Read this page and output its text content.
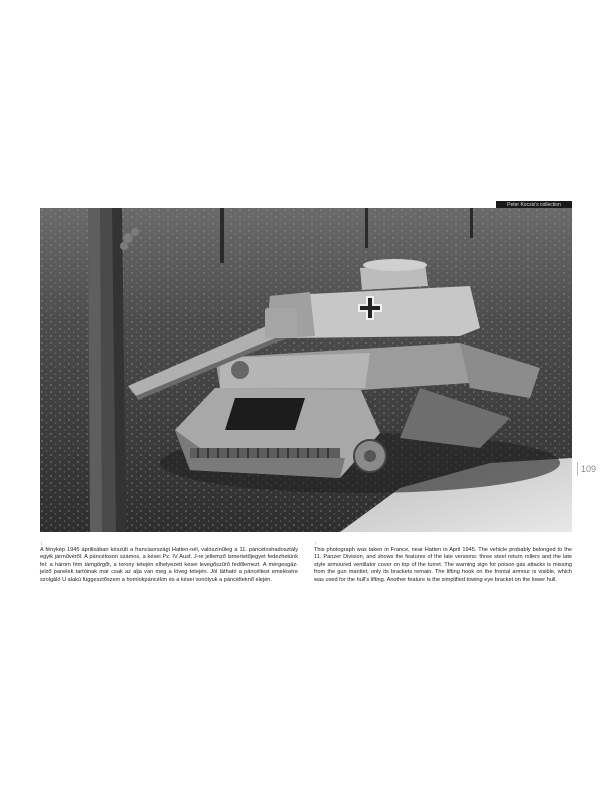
Peter Kocsis's collection
109
↑	↑
A fénykép 1945 áprilisában készült a franciaországi Hatten-nél, valószínűleg a 11. páncéloshadosztály egyik járművéről. A páncéloson számos, a kései Pz. IV Ausf. J-re jellemző ismertetőjegyet fedezhetünk fel: a három fém támgörgőt, a torony tetején elhelyezett kései levegőszűrő fedőlemezt. A mérgesgáz-jelző panelek tartóinak már csak az alja van meg a löveg tetején. Jól látható a páncéltest emelésére szolgáló U alakú függesztőszem a homlokpáncélon és a kései vonólyuk a páncélteknő elején.
This photograph was taken in France, near Hatten in April 1945. The vehicle probably belonged to the 11. Panzer Division, and shows the features of the late versions: three steel return rollers and the late style armoured ventilator cover on top of the turret. The warning sign for poison gas attacks is missing from the gun mantlet, only its brackets remain. The lifting hook on the frontal armour is visible, which was used for the hull's lifting. Another feature is the simplified towing eye bracket on the lower hull.
